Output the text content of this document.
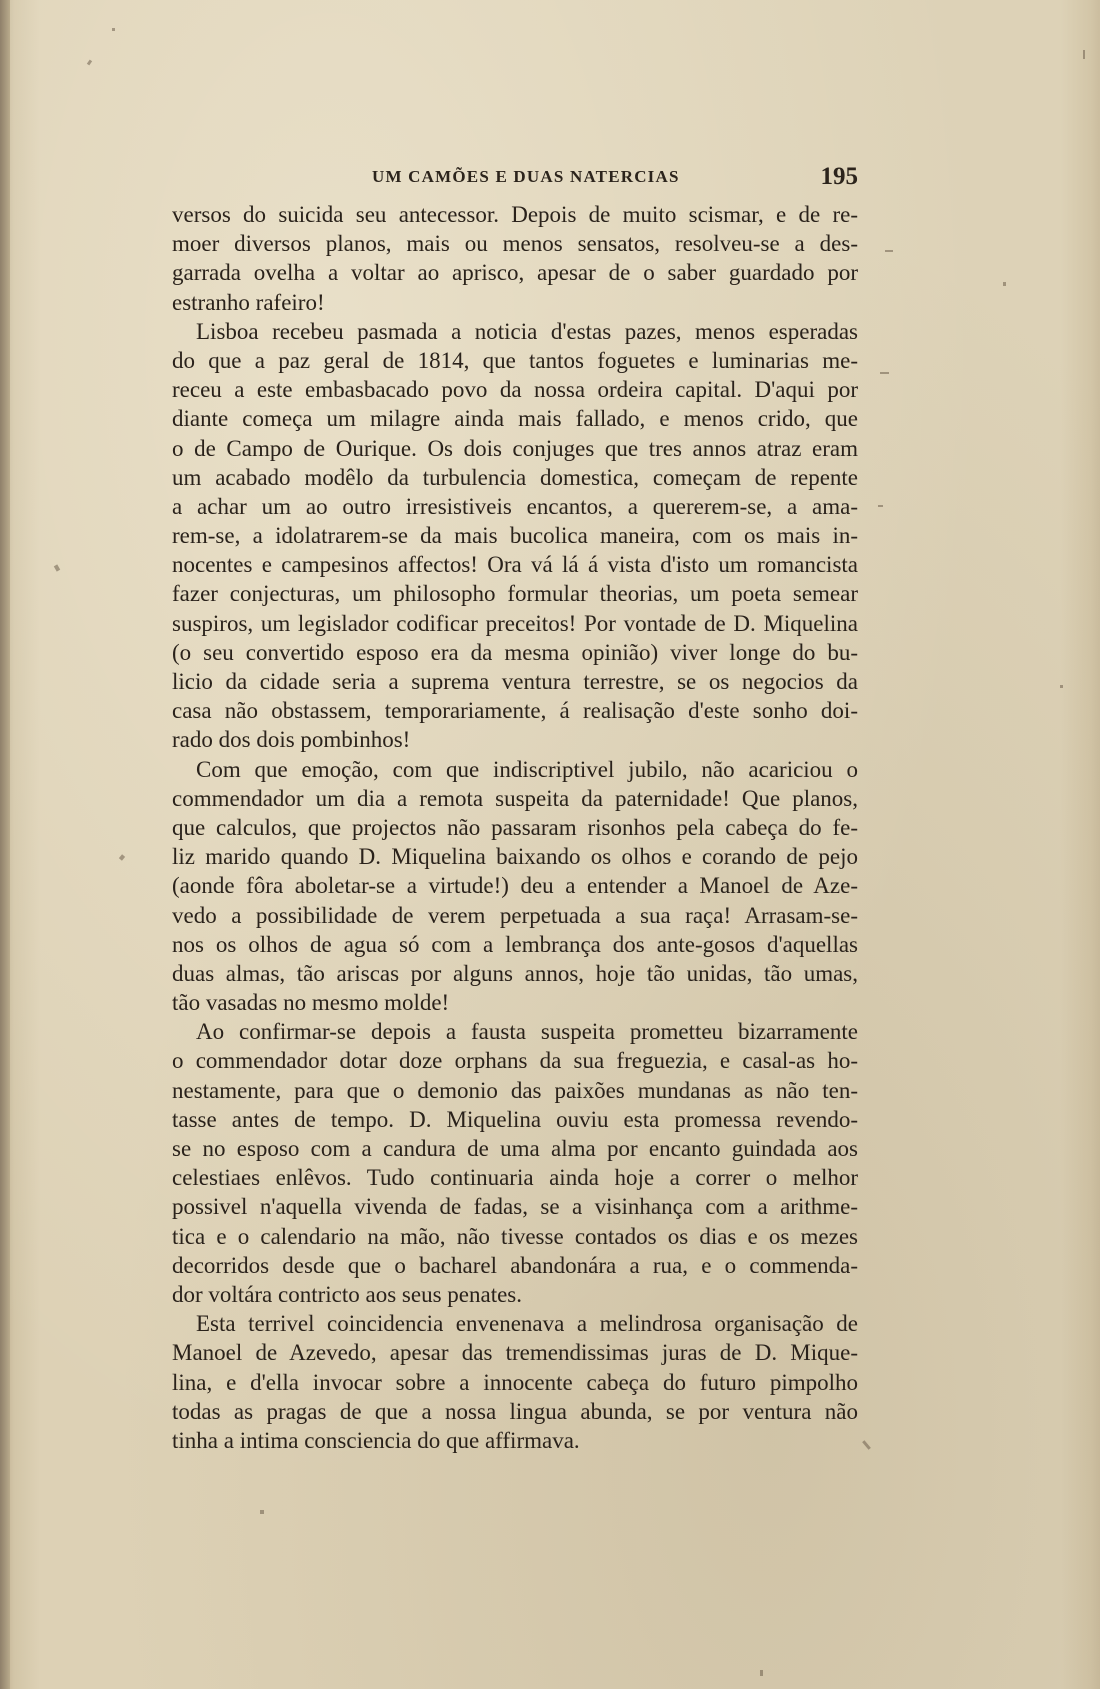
UM CAMÕES E DUAS NATERCIAS	195
versos do suicida seu antecessor. Depois de muito scismar, e de re-
moer diversos planos, mais ou menos sensatos, resolveu-se a des-
garrada ovelha a voltar ao aprisco, apesar de o saber guardado por
estranho rafeiro!
Lisboa recebeu pasmada a noticia d'estas pazes, menos esperadas
do que a paz geral de 1814, que tantos foguetes e luminarias me-
receu a este embasbacado povo da nossa ordeira capital. D'aqui por
diante começa um milagre ainda mais fallado, e menos crido, que
o de Campo de Ourique. Os dois conjuges que tres annos atraz eram
um acabado modêlo da turbulencia domestica, começam de repente
a achar um ao outro irresistiveis encantos, a quererem-se, a ama-
rem-se, a idolatrarem-se da mais bucolica maneira, com os mais in-
nocentes e campesinos affectos! Ora vá lá á vista d'isto um romancista
fazer conjecturas, um philosopho formular theorias, um poeta semear
suspiros, um legislador codificar preceitos! Por vontade de D. Miquelina
(o seu convertido esposo era da mesma opinião) viver longe do bu-
licio da cidade seria a suprema ventura terrestre, se os negocios da
casa não obstassem, temporariamente, á realisação d'este sonho doi-
rado dos dois pombinhos!
Com que emoção, com que indiscriptivel jubilo, não acariciou o
commendador um dia a remota suspeita da paternidade! Que planos,
que calculos, que projectos não passaram risonhos pela cabeça do fe-
liz marido quando D. Miquelina baixando os olhos e corando de pejo
(aonde fôra aboletar-se a virtude!) deu a entender a Manoel de Aze-
vedo a possibilidade de verem perpetuada a sua raça! Arrasam-se-
nos os olhos de agua só com a lembrança dos ante-gosos d'aquellas
duas almas, tão ariscas por alguns annos, hoje tão unidas, tão umas,
tão vasadas no mesmo molde!
Ao confirmar-se depois a fausta suspeita prometteu bizarramente
o commendador dotar doze orphans da sua freguezia, e casal-as ho-
nestamente, para que o demonio das paixões mundanas as não ten-
tasse antes de tempo. D. Miquelina ouviu esta promessa revendo-
se no esposo com a candura de uma alma por encanto guindada aos
celestiaes enlêvos. Tudo continuaria ainda hoje a correr o melhor
possivel n'aquella vivenda de fadas, se a visinhança com a arithme-
tica e o calendario na mão, não tivesse contados os dias e os mezes
decorridos desde que o bacharel abandonára a rua, e o commenda-
dor voltára contricto aos seus penates.
Esta terrivel coincidencia envenenava a melindrosa organisação de
Manoel de Azevedo, apesar das tremendissimas juras de D. Mique-
lina, e d'ella invocar sobre a innocente cabeça do futuro pimpolho
todas as pragas de que a nossa lingua abunda, se por ventura não
tinha a intima consciencia do que affirmava.
